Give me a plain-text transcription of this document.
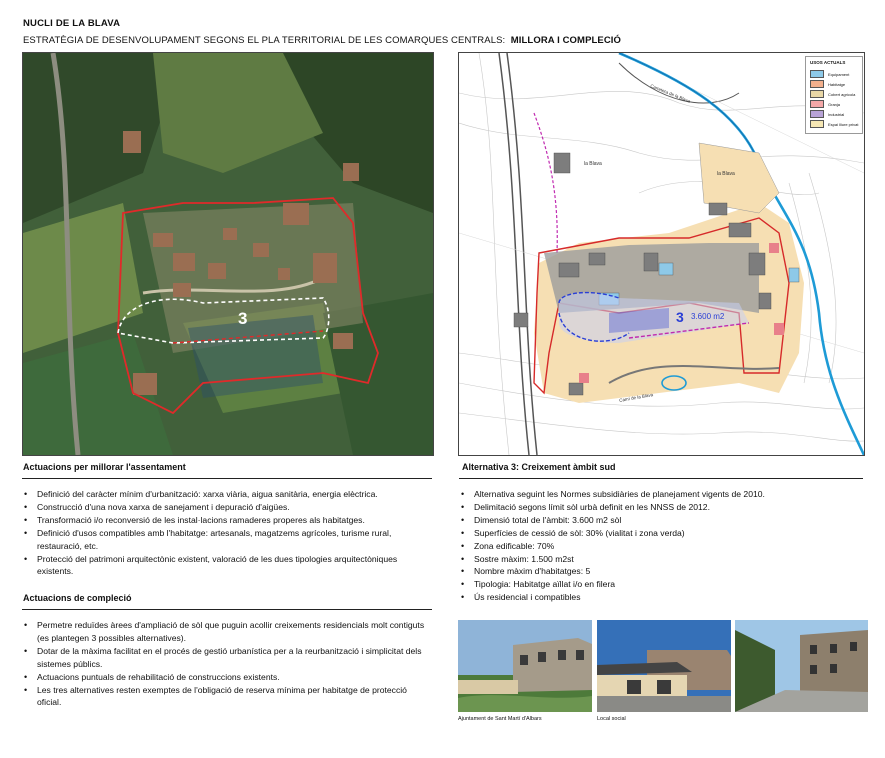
NUCLI DE LA BLAVA
ESTRATÈGIA DE DESENVOLUPAMENT SEGONS EL PLA TERRITORIAL DE LES COMARQUES CENTRALS: MILLORA I COMPLECIÓ
3	3 3.600 m2
la Blava
la Blava
Carretera de la Blava
Camí de la Blava
USOS ACTUALS
Equipament
Habitatge
Cobert agrícola
Granja
Industrial
Espai lliure privat
Actuacions per millorar l'assentament
• Definició del caràcter mínim d'urbanització: xarxa viària, aigua sanitària, energia elèctrica.
• Construcció d'una nova xarxa de sanejament i depuració d'aigües.
• Transformació i/o reconversió de les instal·lacions ramaderes properes als habitatges.
• Definició d'usos compatibles amb l'habitatge: artesanals, magatzems agrícoles, turisme rural, restauració, etc.
• Protecció del patrimoni arquitectònic existent, valoració de les dues tipologies arquitectòniques existents.
Actuacions de compleció
• Permetre reduïdes àrees d'ampliació de sòl que puguin acollir creixements residencials molt contiguts (es plantegen 3 possibles alternatives).
• Dotar de la màxima facilitat en el procés de gestió urbanística per a la reurbanització i simplicitat dels sistemes públics.
• Actuacions puntuals de rehabilitació de construccions existents.
• Les tres alternatives resten exemptes de l'obligació de reserva mínima per habitatge de protecció oficial.
Alternativa 3: Creixement àmbit sud
• Alternativa seguint les Normes subsidiàries de planejament vigents de 2010.
• Delimitació segons límit sòl urbà definit en les NNSS de 2012.
• Dimensió total de l'àmbit: 3.600 m2 sòl
• Superfícies de cessió de sòl: 30% (vialitat i zona verda)
• Zona edificable: 70%
• Sostre màxim: 1.500 m2st
• Nombre màxim d'habitatges: 5
• Tipologia: Habitatge aïllat i/o en filera
• Ús residencial i compatibles
Ajuntament de Sant Martí d'Albars	Local social
